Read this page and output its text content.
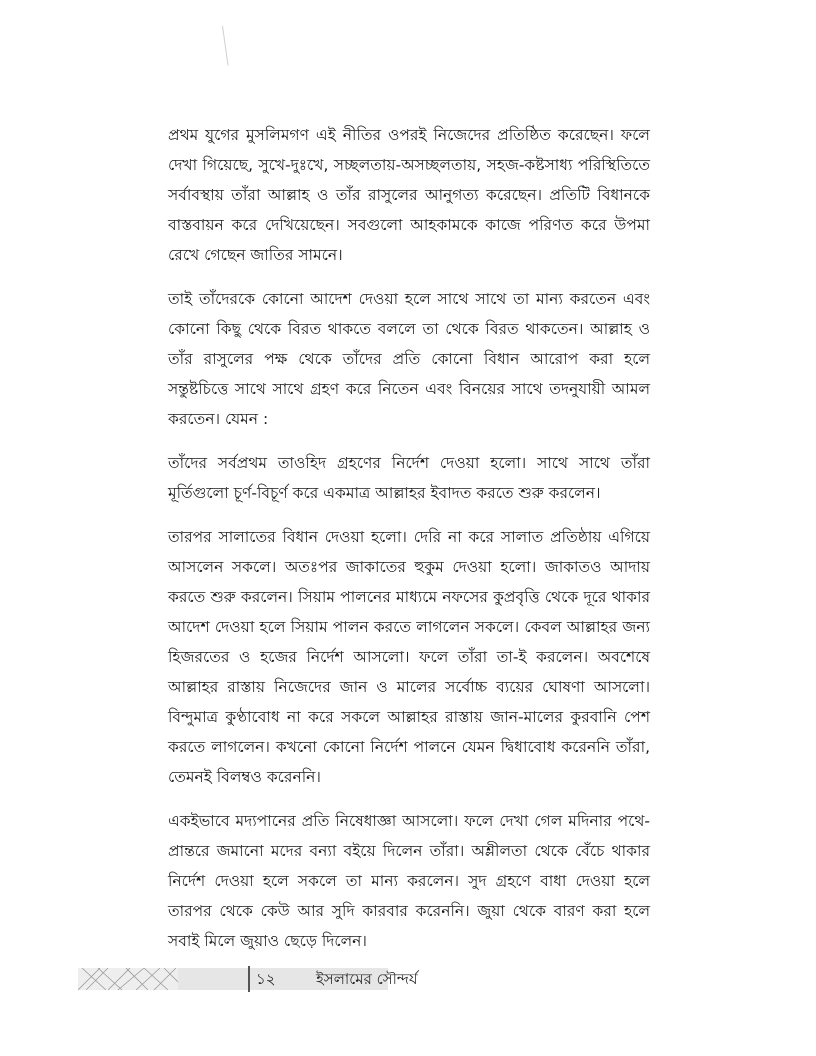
প্রথম যুগের মুসলিমগণ এই নীতির ওপরই নিজেদের প্রতিষ্ঠিত করেছেন। ফলে দেখা গিয়েছে, সুখে-দুঃখে, সচ্ছলতায়-অসচ্ছলতায়, সহজ-কষ্টসাধ্য পরিস্থিতিতে সর্বাবস্থায় তাঁরা আল্লাহ ও তাঁর রাসুলের আনুগত্য করেছেন। প্রতিটি বিধানকে বাস্তবায়ন করে দেখিয়েছেন। সবগুলো আহকামকে কাজে পরিণত করে উপমা রেখে গেছেন জাতির সামনে।

তাই তাঁদেরকে কোনো আদেশ দেওয়া হলে সাথে সাথে তা মান্য করতেন এবং কোনো কিছু থেকে বিরত থাকতে বললে তা থেকে বিরত থাকতেন। আল্লাহ ও তাঁর রাসুলের পক্ষ থেকে তাঁদের প্রতি কোনো বিধান আরোপ করা হলে সন্তুষ্টচিত্তে সাথে সাথে গ্রহণ করে নিতেন এবং বিনয়ের সাথে তদনুযায়ী আমল করতেন। যেমন :

তাঁদের সর্বপ্রথম তাওহিদ গ্রহণের নির্দেশ দেওয়া হলো। সাথে সাথে তাঁরা মূর্তিগুলো চূর্ণ-বিচূর্ণ করে একমাত্র আল্লাহর ইবাদত করতে শুরু করলেন।

তারপর সালাতের বিধান দেওয়া হলো। দেরি না করে সালাত প্রতিষ্ঠায় এগিয়ে আসলেন সকলে। অতঃপর জাকাতের হুকুম দেওয়া হলো। জাকাতও আদায় করতে শুরু করলেন। সিয়াম পালনের মাধ্যমে নফসের কুপ্রবৃত্তি থেকে দূরে থাকার আদেশ দেওয়া হলে সিয়াম পালন করতে লাগলেন সকলে। কেবল আল্লাহর জন্য হিজরতের ও হজের নির্দেশ আসলো। ফলে তাঁরা তা-ই করলেন। অবশেষে আল্লাহর রাস্তায় নিজেদের জান ও মালের সর্বোচ্চ ব্যয়ের ঘোষণা আসলো। বিন্দুমাত্র কুণ্ঠাবোধ না করে সকলে আল্লাহর রাস্তায় জান-মালের কুরবানি পেশ করতে লাগলেন। কখনো কোনো নির্দেশ পালনে যেমন দ্বিধাবোধ করেননি তাঁরা, তেমনই বিলম্বও করেননি।

একইভাবে মদ্যপানের প্রতি নিষেধাজ্ঞা আসলো। ফলে দেখা গেল মদিনার পথে-প্রান্তরে জমানো মদের বন্যা বইয়ে দিলেন তাঁরা। অশ্লীলতা থেকে বেঁচে থাকার নির্দেশ দেওয়া হলে সকলে তা মান্য করলেন। সুদ গ্রহণে বাধা দেওয়া হলে তারপর থেকে কেউ আর সুদি কারবার করেননি। জুয়া থেকে বারণ করা হলে সবাই মিলে জুয়াও ছেড়ে দিলেন।

১২	ইসলামের সৌন্দর্য
